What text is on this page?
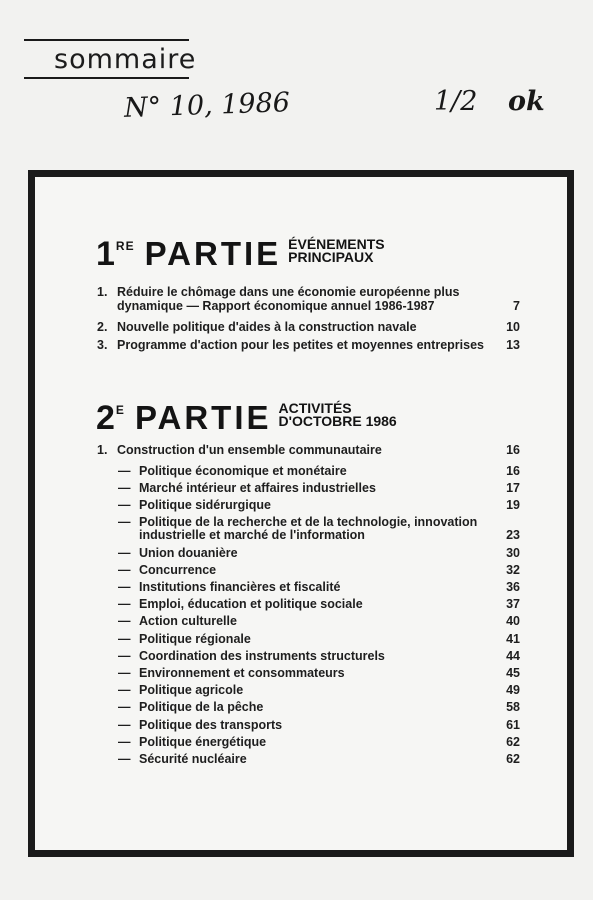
sommaire
N° 10, 1986	1/2 ok
1 RE PARTIE ÉVÉNEMENTS
PRINCIPAUX
1. Réduire le chômage dans une économie européenne plus
dynamique — Rapport économique annuel 1986-1987	7
2. Nouvelle politique d'aides à la construction navale	10
3. Programme d'action pour les petites et moyennes entreprises	13
2 E PARTIE ACTIVITÉS
D'OCTOBRE 1986
1. Construction d'un ensemble communautaire	16
— Politique économique et monétaire	16
— Marché intérieur et affaires industrielles	17
— Politique sidérurgique	19
— Politique de la recherche et de la technologie, innovation
industrielle et marché de l'information	23
— Union douanière	30
— Concurrence	32
— Institutions financières et fiscalité	36
— Emploi, éducation et politique sociale	37
— Action culturelle	40
— Politique régionale	41
— Coordination des instruments structurels	44
— Environnement et consommateurs	45
— Politique agricole	49
— Politique de la pêche	58
— Politique des transports	61
— Politique énergétique	62
— Sécurité nucléaire	62
